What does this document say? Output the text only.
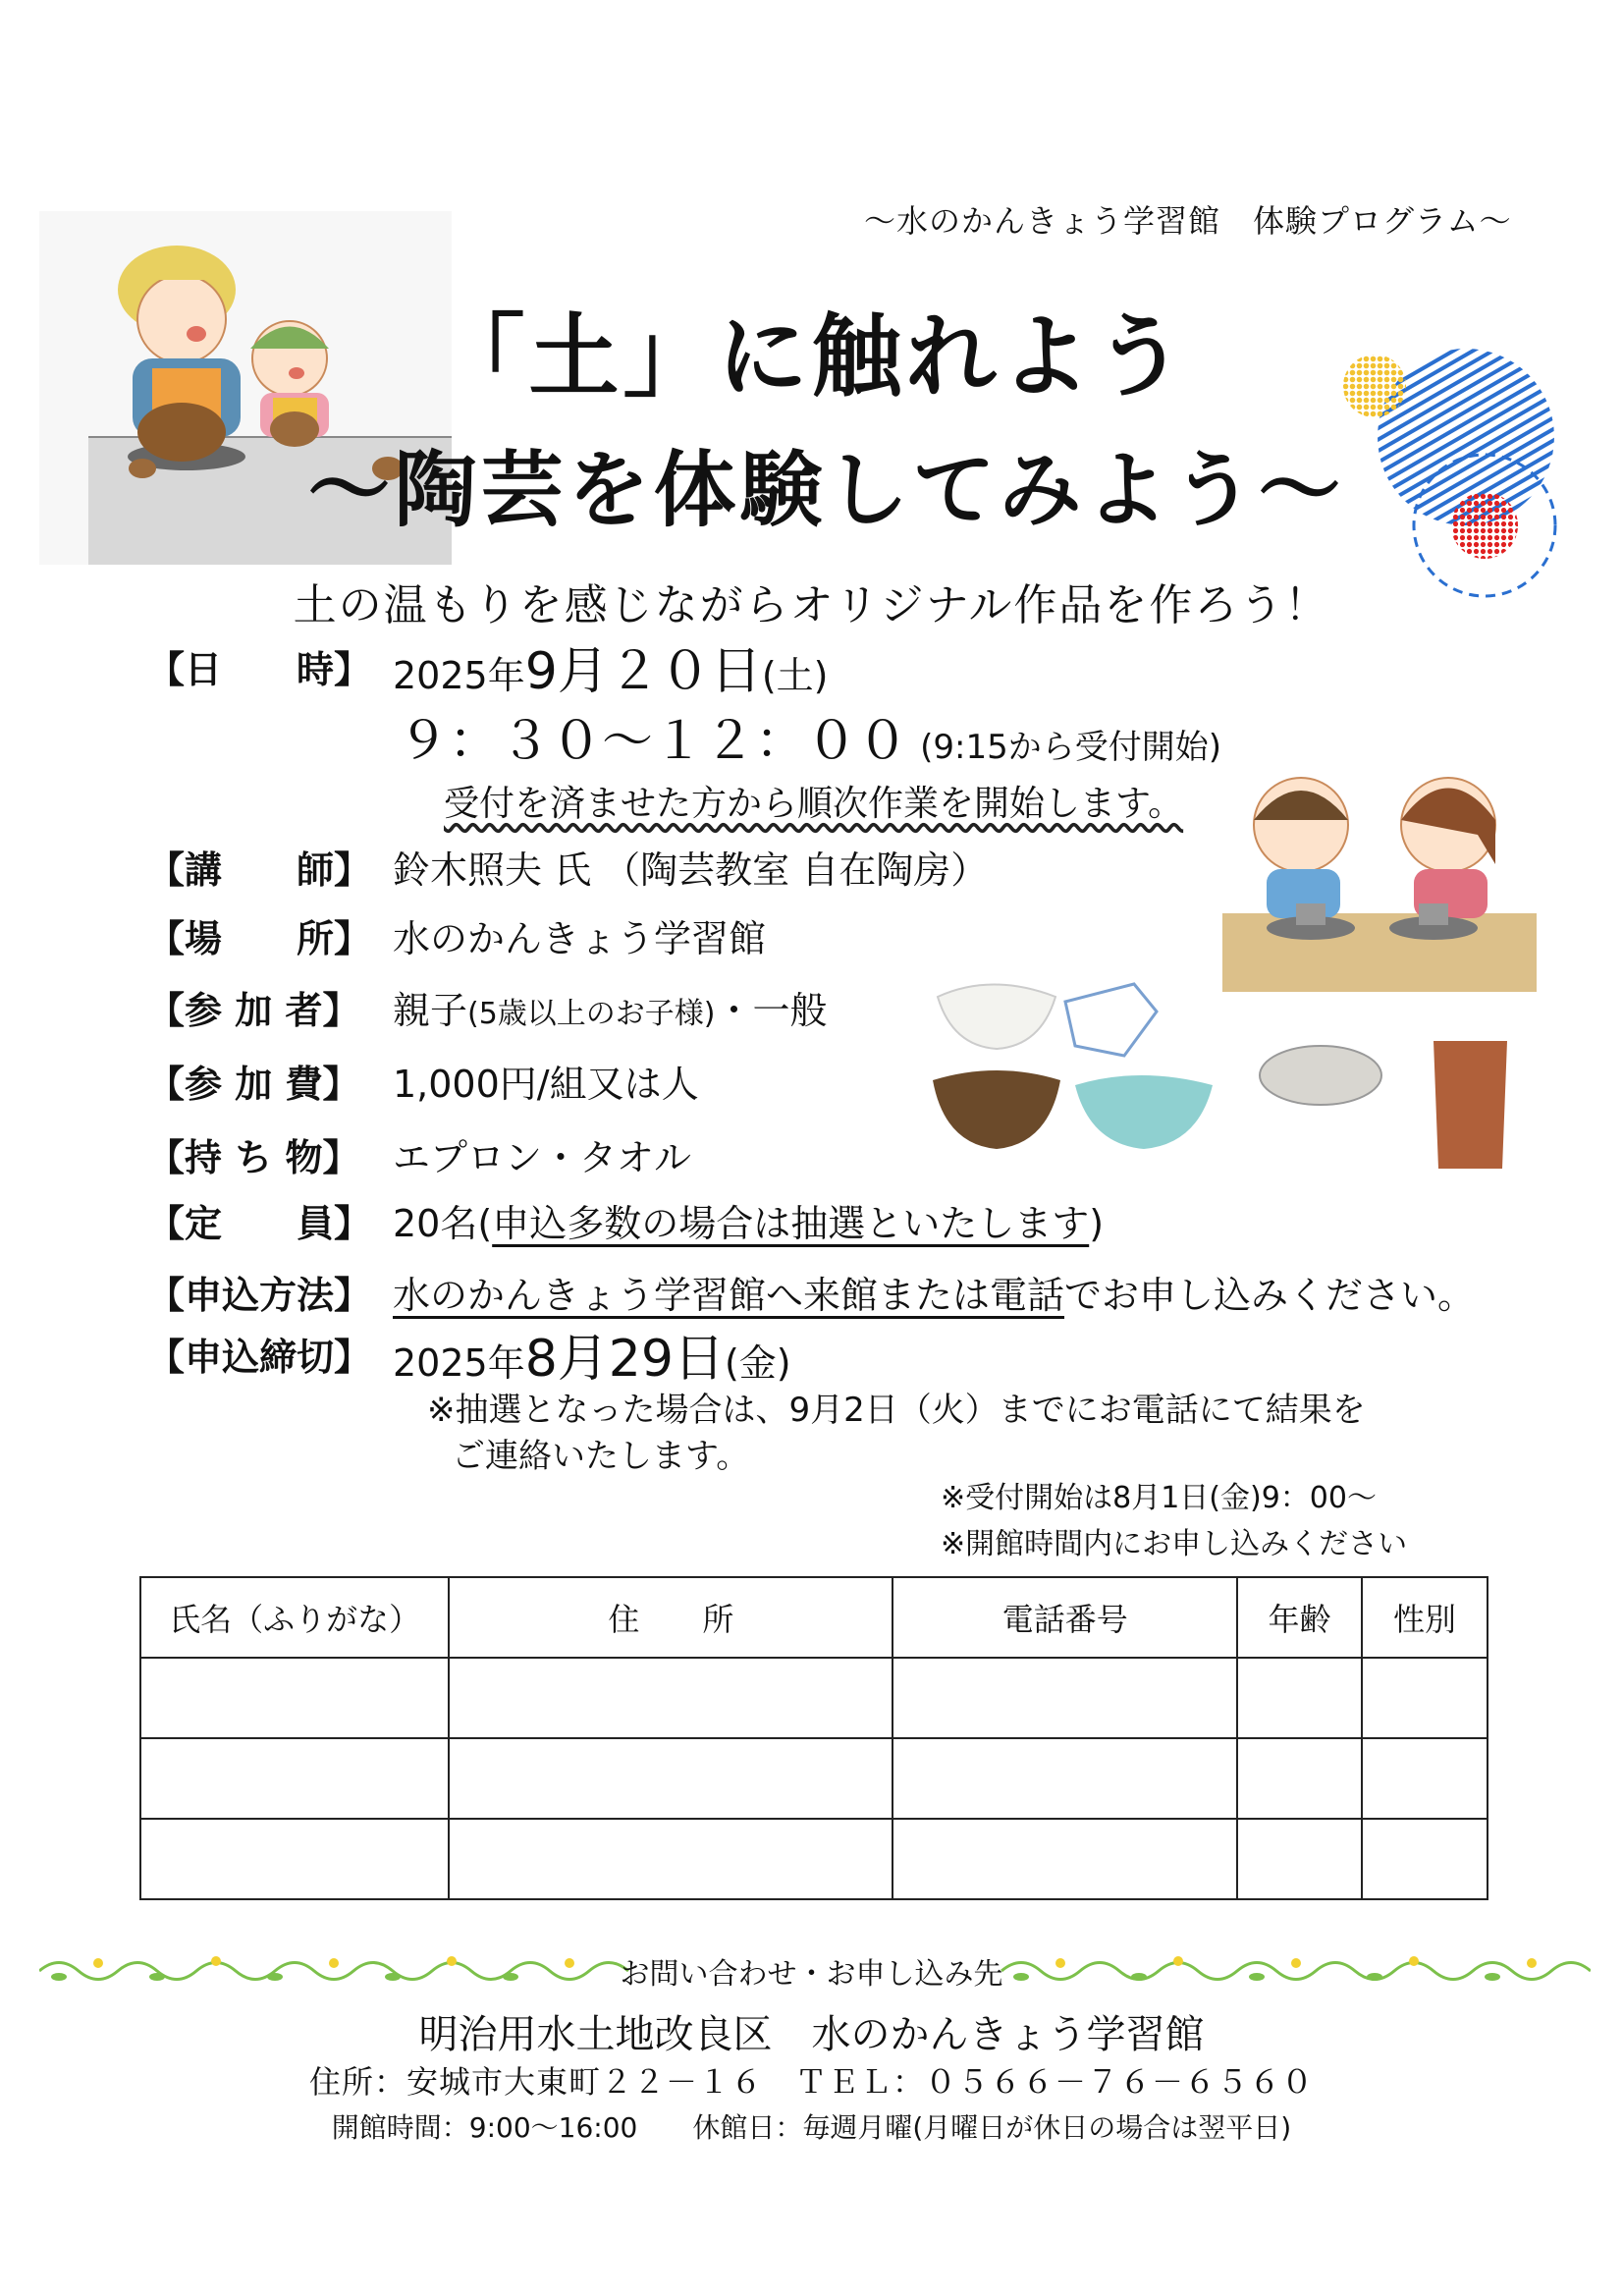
～水のかんきょう学習館　体験プログラム～
「土」に触れよう
～陶芸を体験してみよう～
土の温もりを感じながらオリジナル作品を作ろう！
【日　　時】 2025年9月２０日(土)
９：３０～１２：００ (9:15から受付開始)
受付を済ませた方から順次作業を開始します。
【講　　師】 鈴木照夫 氏 （陶芸教室 自在陶房）
【場　　所】 水のかんきょう学習館
【参 加 者】 親子(5歳以上のお子様)・一般
【参 加 費】 1,000円/組又は人
【持 ち 物】 エプロン・タオル
【定　　員】 20名(申込多数の場合は抽選といたします)
【申込方法】 水のかんきょう学習館へ来館または電話でお申し込みください。
【申込締切】 2025年8月29日(金)
※抽選となった場合は、9月2日（火）までにお電話にて結果を
ご連絡いたします。
※受付開始は8月1日(金)9：00～
※開館時間内にお申し込みください
氏名（ふりがな）	住　　所	電話番号	年齢	性別

お問い合わせ・お申し込み先
明治用水土地改良区　水のかんきょう学習館
住所：安城市大東町２２－１６　ＴＥＬ：０５６６－７６－６５６０
開館時間：9:00～16:00　　休館日：毎週月曜(月曜日が休日の場合は翌平日)
